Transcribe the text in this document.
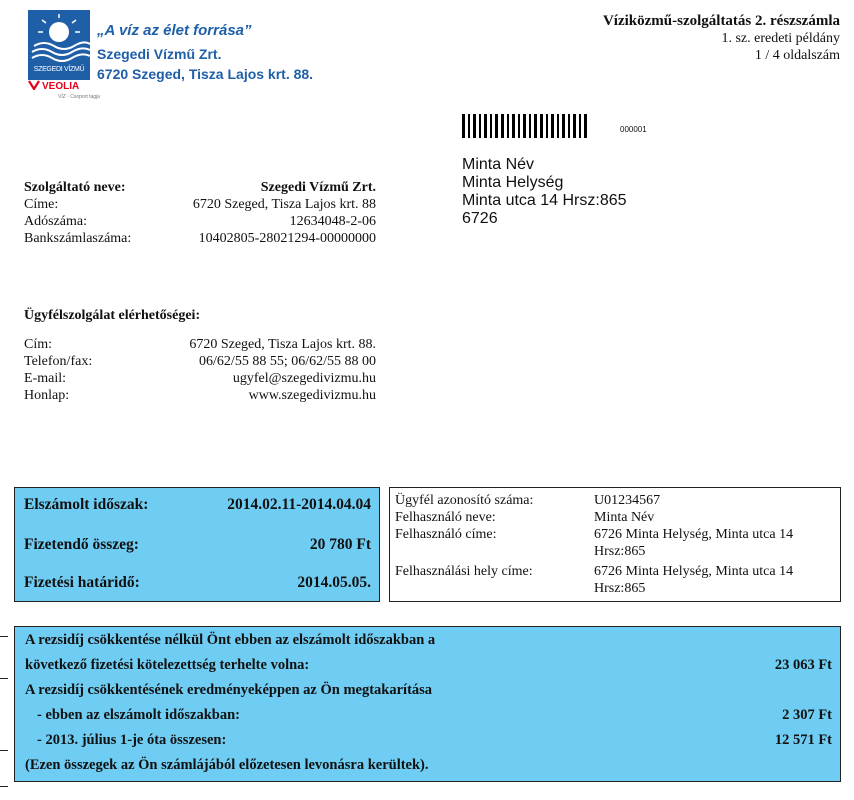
SZEGEDI VÍZMŰ
VEOLIA
VÍZ · Csoport tagja
„A víz az élet forrása”
Szegedi Vízmű Zrt.
6720 Szeged, Tisza Lajos krt. 88.
Víziközmű-szolgáltatás 2. részszámla
1. sz. eredeti példány
1 / 4 oldalszám
000001
Minta Név
Minta Helység
Minta utca 14 Hrsz:865
6726
Szolgáltató neve:	Szegedi Vízmű Zrt.
Címe:	6720 Szeged, Tisza Lajos krt. 88
Adószáma:	12634048-2-06
Bankszámlaszáma:	10402805-28021294-00000000
Ügyfélszolgálat elérhetőségei:
Cím:	6720 Szeged, Tisza Lajos krt. 88.
Telefon/fax:	06/62/55 88 55; 06/62/55 88 00
E-mail:	ugyfel@szegedivizmu.hu
Honlap:	www.szegedivizmu.hu
Elszámolt időszak:	2014.02.11-2014.04.04
Fizetendő összeg:	20 780 Ft
Fizetési határidő:	2014.05.05.
Ügyfél azonosító száma:	U01234567
Felhasználó neve:	Minta Név
Felhasználó címe:	6726 Minta Helység, Minta utca 14
Hrsz:865
Felhasználási hely címe:	6726 Minta Helység, Minta utca 14
Hrsz:865
A rezsidíj csökkentése nélkül Önt ebben az elszámolt időszakban a
következő fizetési kötelezettség terhelte volna:	23 063 Ft
A rezsidíj csökkentésének eredményeképpen az Ön megtakarítása
- ebben az elszámolt időszakban:	2 307 Ft
- 2013. július 1-je óta összesen:	12 571 Ft
(Ezen összegek az Ön számlájából előzetesen levonásra kerültek).
